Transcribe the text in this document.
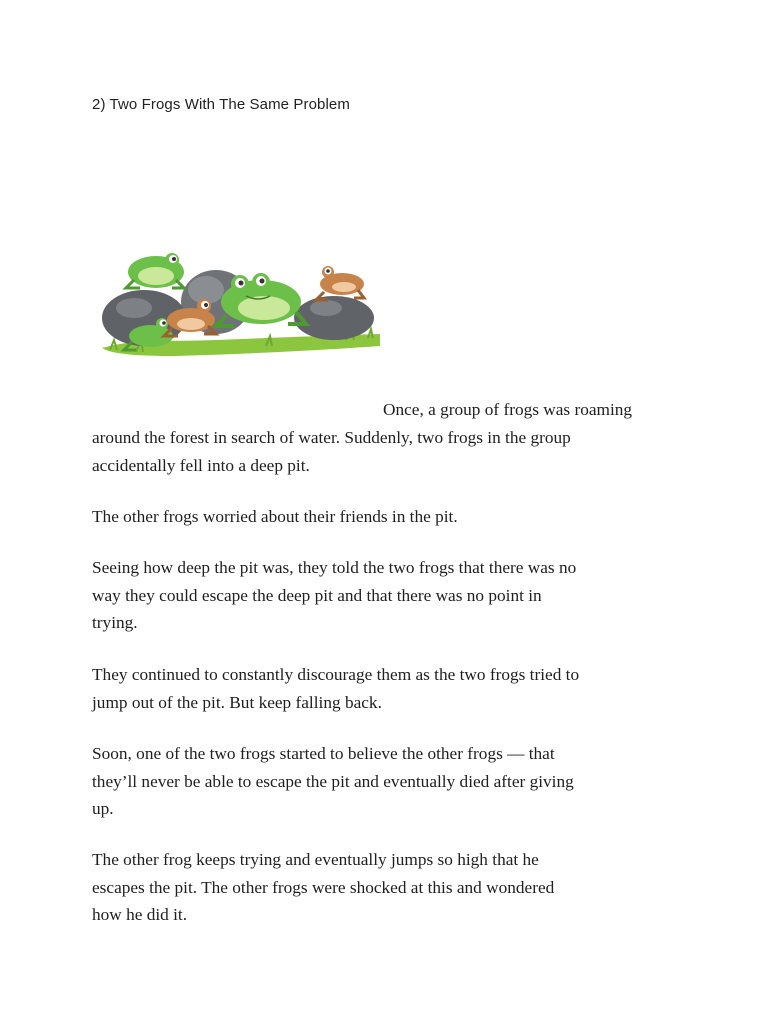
2) Two Frogs With The Same Problem
Once, a group of frogs was roaming

around the forest in search of water. Suddenly, two frogs in the group
accidentally fell into a deep pit.

The other frogs worried about their friends in the pit.

Seeing how deep the pit was, they told the two frogs that there was no
way they could escape the deep pit and that there was no point in
trying.

They continued to constantly discourage them as the two frogs tried to
jump out of the pit. But keep falling back.

Soon, one of the two frogs started to believe the other frogs — that
they’ll never be able to escape the pit and eventually died after giving
up.

The other frog keeps trying and eventually jumps so high that he
escapes the pit. The other frogs were shocked at this and wondered
how he did it.
